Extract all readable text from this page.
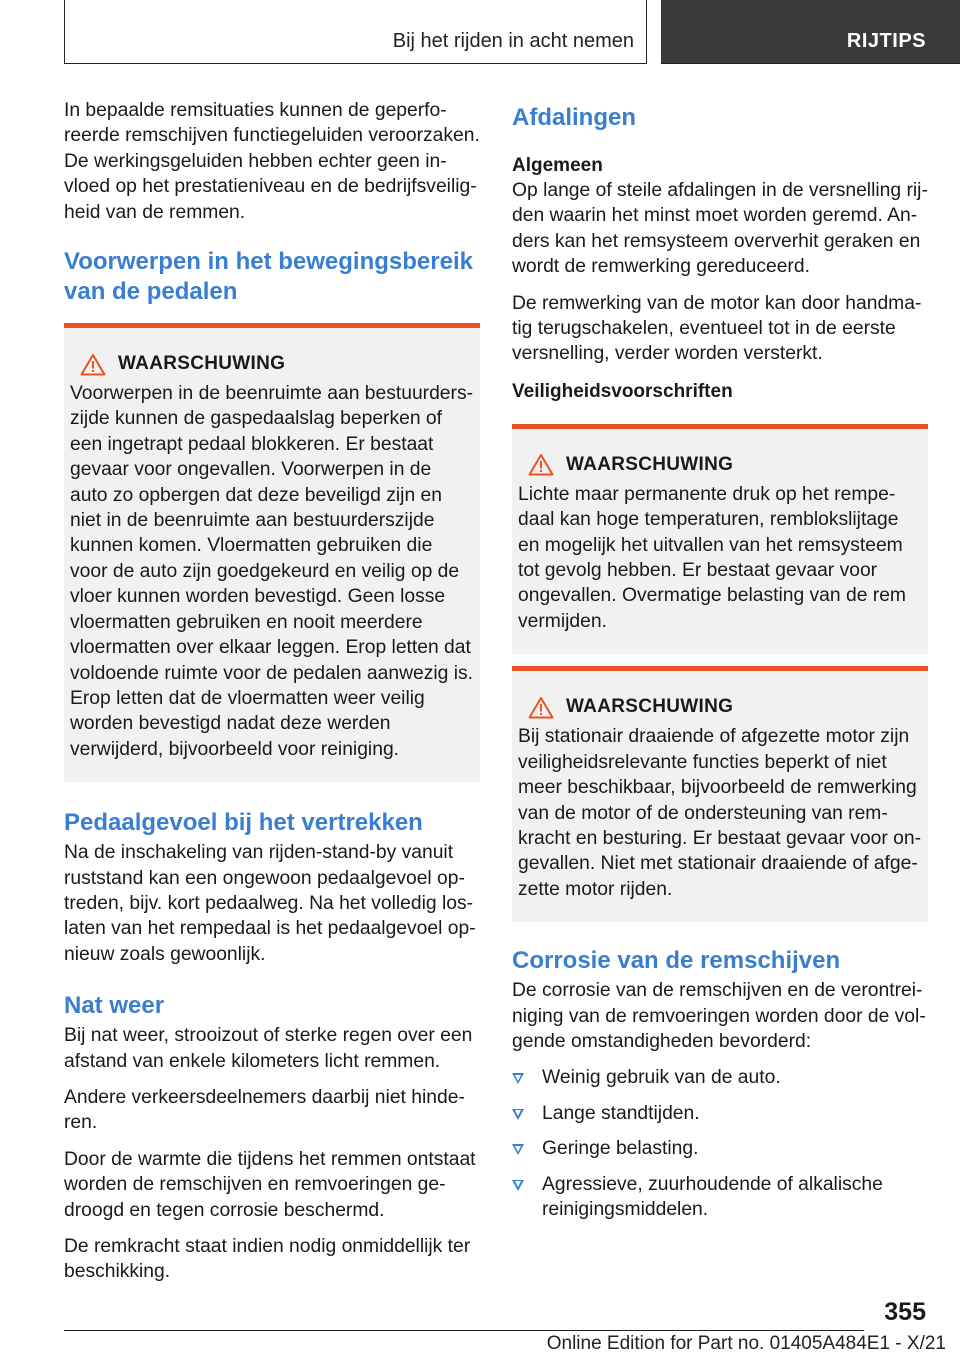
Bij het rijden in acht nemen	RIJTIPS

In bepaalde remsituaties kunnen de geperforeerde remschijven functiegeluiden veroorzaken. De werkingsgeluiden hebben echter geen invloed op het prestatieniveau en de bedrijfsveiligheid van de remmen.

Voorwerpen in het bewegingsbereik van de pedalen
WAARSCHUWING

Voorwerpen in de beenruimte aan bestuurderszijde kunnen de gaspedaalslag beperken of een ingetrapt pedaal blokkeren. Er bestaat gevaar voor ongevallen. Voorwerpen in de auto zo opbergen dat deze beveiligd zijn en niet in de beenruimte aan bestuurderszijde kunnen komen. Vloermatten gebruiken die voor de auto zijn goedgekeurd en veilig op de vloer kunnen worden bevestigd. Geen losse vloermatten gebruiken en nooit meerdere vloermatten over elkaar leggen. Erop letten dat voldoende ruimte voor de pedalen aanwezig is. Erop letten dat de vloermatten weer veilig worden bevestigd nadat deze werden verwijderd, bijvoorbeeld voor reiniging.

Pedaalgevoel bij het vertrekken

Na de inschakeling van rijden-stand-by vanuit ruststand kan een ongewoon pedaalgevoel optreden, bijv. kort pedaalweg. Na het volledig loslaten van het rempedaal is het pedaalgevoel opnieuw zoals gewoonlijk.

Nat weer

Bij nat weer, strooizout of sterke regen over een afstand van enkele kilometers licht remmen.

Andere verkeersdeelnemers daarbij niet hinderen.

Door de warmte die tijdens het remmen ontstaat worden de remschijven en remvoeringen gedroogd en tegen corrosie beschermd.

De remkracht staat indien nodig onmiddellijk ter beschikking.

Afdalingen
Algemeen

Op lange of steile afdalingen in de versnelling rijden waarin het minst moet worden geremd. Anders kan het remsysteem oververhit geraken en wordt de remwerking gereduceerd.

De remwerking van de motor kan door handmatig terugschakelen, eventueel tot in de eerste versnelling, verder worden versterkt.

Veiligheidsvoorschriften
WAARSCHUWING

Lichte maar permanente druk op het rempedaal kan hoge temperaturen, remblokslijtage en mogelijk het uitvallen van het remsysteem tot gevolg hebben. Er bestaat gevaar voor ongevallen. Overmatige belasting van de rem vermijden.

WAARSCHUWING

Bij stationair draaiende of afgezette motor zijn veiligheidsrelevante functies beperkt of niet meer beschikbaar, bijvoorbeeld de remwerking van de motor of de ondersteuning van remkracht en besturing. Er bestaat gevaar voor ongevallen. Niet met stationair draaiende of afgezette motor rijden.

Corrosie van de remschijven

De corrosie van de remschijven en de verontreiniging van de remvoeringen worden door de volgende omstandigheden bevorderd:

Weinig gebruik van de auto.
Lange standtijden.
Geringe belasting.
Agressieve, zuurhoudende of alkalische reinigingsmiddelen.
355
Online Edition for Part no. 01405A484E1 - X/21
